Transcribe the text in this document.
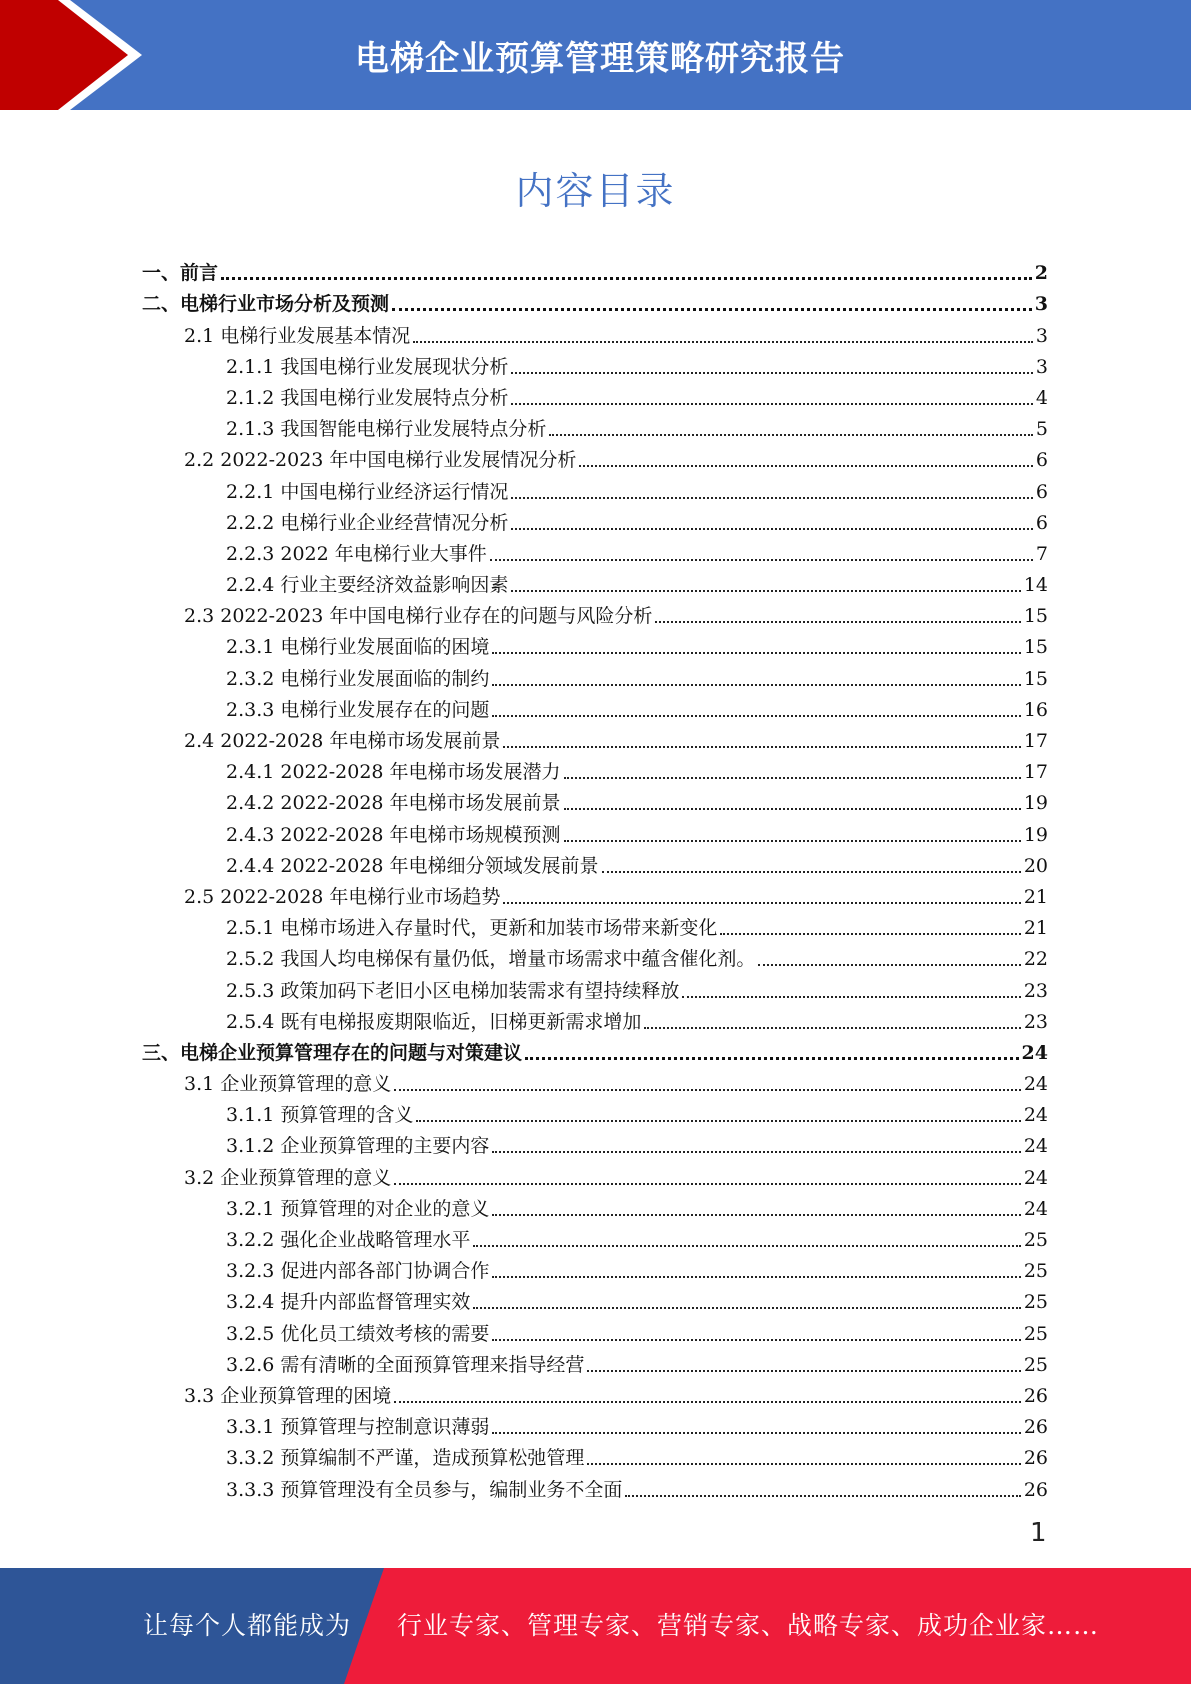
电梯企业预算管理策略研究报告
内容目录
一、前言	2
二、电梯行业市场分析及预测	3
2.1 电梯行业发展基本情况	3
2.1.1 我国电梯行业发展现状分析	3
2.1.2 我国电梯行业发展特点分析	4
2.1.3 我国智能电梯行业发展特点分析	5
2.2 2022-2023 年中国电梯行业发展情况分析	6
2.2.1 中国电梯行业经济运行情况	6
2.2.2 电梯行业企业经营情况分析	6
2.2.3 2022 年电梯行业大事件	7
2.2.4 行业主要经济效益影响因素	14
2.3 2022-2023 年中国电梯行业存在的问题与风险分析	15
2.3.1 电梯行业发展面临的困境	15
2.3.2 电梯行业发展面临的制约	15
2.3.3 电梯行业发展存在的问题	16
2.4 2022-2028 年电梯市场发展前景	17
2.4.1 2022-2028 年电梯市场发展潜力	17
2.4.2 2022-2028 年电梯市场发展前景	19
2.4.3 2022-2028 年电梯市场规模预测	19
2.4.4 2022-2028 年电梯细分领域发展前景	20
2.5 2022-2028 年电梯行业市场趋势	21
2.5.1 电梯市场进入存量时代，更新和加装市场带来新变化	21
2.5.2 我国人均电梯保有量仍低，增量市场需求中蕴含催化剂。	22
2.5.3 政策加码下老旧小区电梯加装需求有望持续释放	23
2.5.4 既有电梯报废期限临近，旧梯更新需求增加	23
三、电梯企业预算管理存在的问题与对策建议	24
3.1 企业预算管理的意义	24
3.1.1 预算管理的含义	24
3.1.2 企业预算管理的主要内容	24
3.2 企业预算管理的意义	24
3.2.1 预算管理的对企业的意义	24
3.2.2 强化企业战略管理水平	25
3.2.3 促进内部各部门协调合作	25
3.2.4 提升内部监督管理实效	25
3.2.5 优化员工绩效考核的需要	25
3.2.6 需有清晰的全面预算管理来指导经营	25
3.3 企业预算管理的困境	26
3.3.1 预算管理与控制意识薄弱	26
3.3.2 预算编制不严谨，造成预算松弛管理	26
3.3.3 预算管理没有全员参与，编制业务不全面	26
1
让每个人都能成为 行业专家、管理专家、营销专家、战略专家、成功企业家……
